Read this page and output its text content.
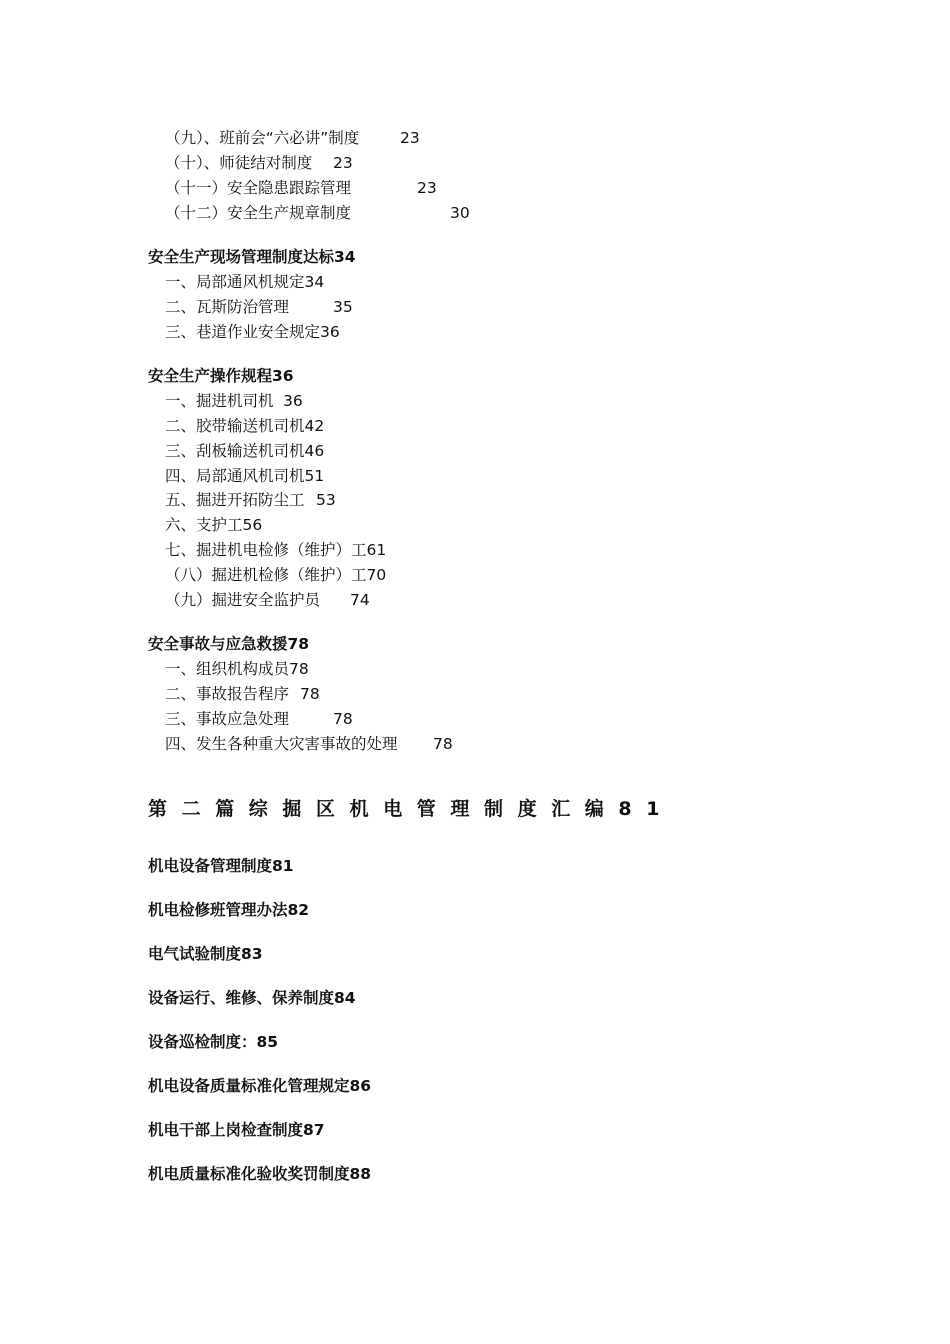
（九）、班前会“六必讲”制度	23
（十）、师徒结对制度 23
（十一）安全隐患跟踪管理	23
（十二）安全生产规章制度	30
安全生产现场管理制度达标34
一、局部通风机规定34
二、瓦斯防治管理	35
三、巷道作业安全规定36
安全生产操作规程36
一、掘进机司机 36
二、胶带输送机司机42
三、刮板输送机司机46
四、局部通风机司机51
五、掘进开拓防尘工 53
六、支护工56
七、掘进机电检修（维护）工61
（八）掘进机检修（维护）工70
（九）掘进安全监护员 74
安全事故与应急救援78
一、组织机构成员78
二、事故报告程序 78
三、事故应急处理	78
四、发生各种重大灾害事故的处理 78
第二篇综掘区机电管理制度汇编81
机电设备管理制度81
机电检修班管理办法82
电气试验制度83
设备运行、维修、保养制度84
设备巡检制度：85
机电设备质量标准化管理规定86
机电干部上岗检查制度87
机电质量标准化验收奖罚制度88
